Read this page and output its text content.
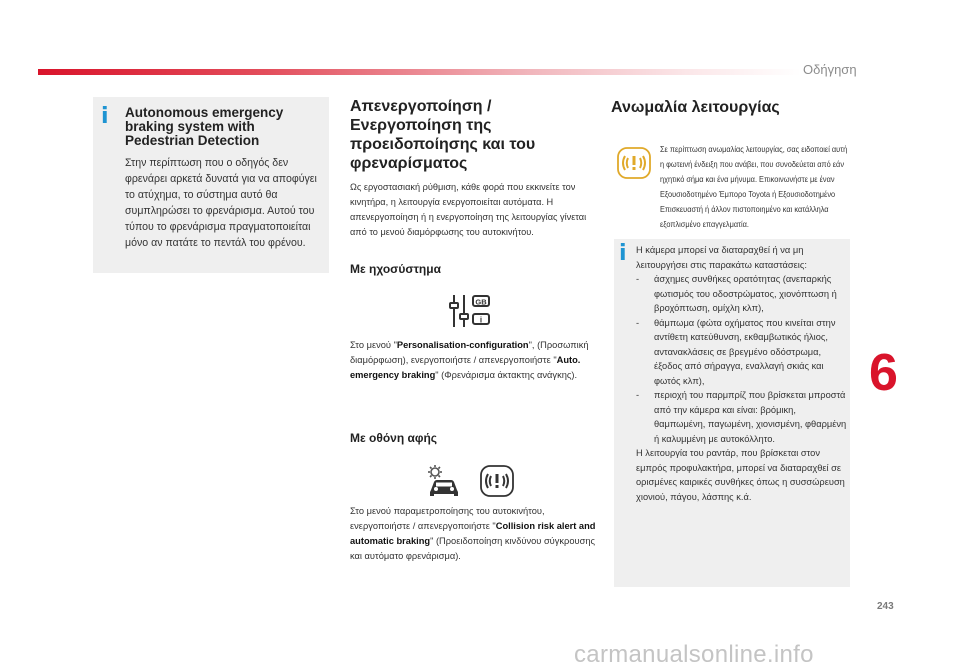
Οδήγηση
i Autonomous emergency braking system with Pedestrian Detection
Στην περίπτωση που ο οδηγός δεν φρενάρει αρκετά δυνατά για να αποφύγει το ατύχημα, το σύστημα αυτό θα συμπληρώσει το φρενάρισμα. Αυτού του τύπου το φρενάρισμα πραγματοποιείται μόνο αν πατάτε το πεντάλ του φρένου.
Απενεργοποίηση / Ενεργοποίηση της προειδοποίησης και του φρεναρίσματος
Ως εργοστασιακή ρύθμιση, κάθε φορά που εκκινείτε τον κινητήρα, η λειτουργία ενεργοποιείται αυτόματα. Η απενεργοποίηση ή η ενεργοποίηση της λειτουργίας γίνεται από το μενού διαμόρφωσης του αυτοκινήτου.
Με ηχοσύστημα
GB
i
Στο μενού "Personalisation-configuration", (Προσωπική διαμόρφωση), ενεργοποιήστε / απενεργοποιήστε "Auto. emergency braking" (Φρενάρισμα άκτακτης ανάγκης).
Με οθόνη αφής
Στο μενού παραμετροποίησης του αυτοκινήτου, ενεργοποιήστε / απενεργοποιήστε "Collision risk alert and automatic braking" (Προειδοποίηση κινδύνου σύγκρουσης και αυτόματο φρενάρισμα).
Ανωμαλία λειτουργίας
Σε περίπτωση ανωμαλίας λειτουργίας, σας ειδοποιεί αυτή η φωτεινή ένδειξη που ανάβει, που συνοδεύεται από εάν ηχητικό σήμα και ένα μήνυμα. Επικοινωνήστε με έναν Εξουσιοδοτημένο Έμπορο Toyota ή Εξουσιοδοτημένο Επισκευαστή ή άλλον πιστοποιημένο και κατάλληλα εξοπλισμένο επαγγελματία.
i Η κάμερα μπορεί να διαταραχθεί ή να μη λειτουργήσει στις παρακάτω καταστάσεις:
-	άσχημες συνθήκες ορατότητας (ανεπαρκής φωτισμός του οδοστρώματος, χιονόπτωση ή βροχόπτωση, ομίχλη κλπ),
-	θάμπωμα (φώτα οχήματος που κινείται στην αντίθετη κατεύθυνση, εκθαμβωτικός ήλιος, αντανακλάσεις σε βρεγμένο οδόστρωμα, έξοδος από σήραγγα, εναλλαγή σκιάς και φωτός κλπ),
-	περιοχή του παρμπρίζ που βρίσκεται μπροστά από την κάμερα και είναι: βρόμικη, θαμπωμένη, παγωμένη, χιονισμένη, φθαρμένη ή καλυμμένη με αυτοκόλλητο.
Η λειτουργία του ραντάρ, που βρίσκεται στον εμπρός προφυλακτήρα, μπορεί να διαταραχθεί σε ορισμένες καιρικές συνθήκες όπως η συσσώρευση χιονιού, πάγου, λάσπης κ.ά.
6
243
carmanualsonline.info
